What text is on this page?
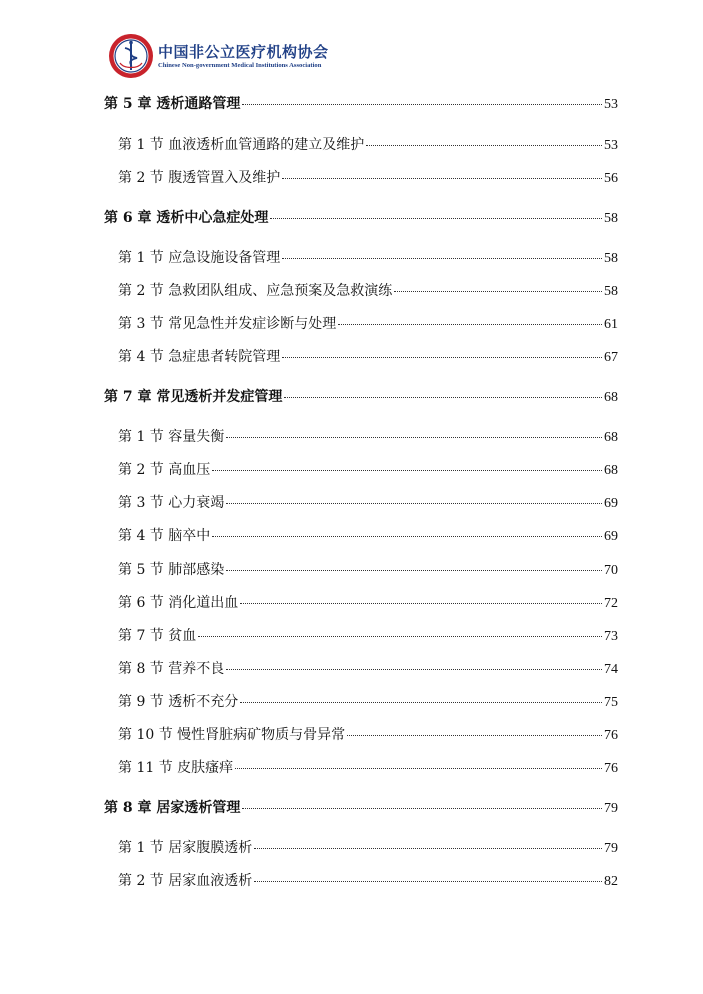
中国非公立医疗机构协会
Chinese Non-government Medical Institutions Association
第 5 章 透析通路管理	53
第 1 节 血液透析血管通路的建立及维护	53
第 2 节 腹透管置入及维护	56
第 6 章 透析中心急症处理	58
第 1 节 应急设施设备管理	58
第 2 节 急救团队组成、应急预案及急救演练	58
第 3 节 常见急性并发症诊断与处理	61
第 4 节 急症患者转院管理	67
第 7 章 常见透析并发症管理	68
第 1 节 容量失衡	68
第 2 节 高血压	68
第 3 节 心力衰竭	69
第 4 节 脑卒中	69
第 5 节 肺部感染	70
第 6 节 消化道出血	72
第 7 节 贫血	73
第 8 节 营养不良	74
第 9 节 透析不充分	75
第 10 节 慢性肾脏病矿物质与骨异常	76
第 11 节 皮肤瘙痒	76
第 8 章 居家透析管理	79
第 1 节 居家腹膜透析	79
第 2 节 居家血液透析	82
